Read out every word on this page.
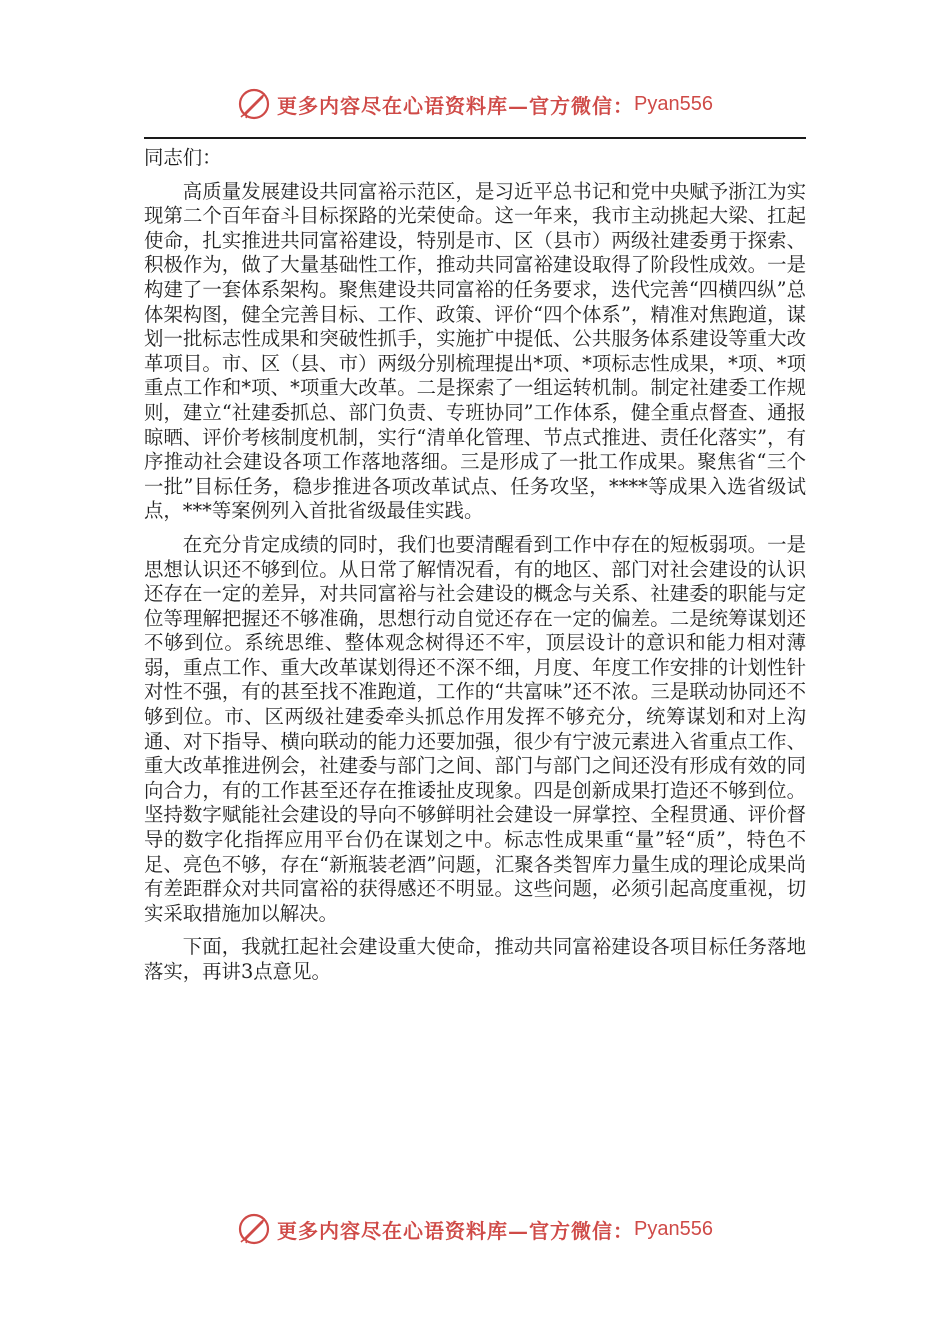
更多内容尽在心语资料库—官方微信： Pyan556

同志们：

高质量发展建设共同富裕示范区，是习近平总书记和党中央赋予浙江为实现第二个百年奋斗目标探路的光荣使命。这一年来，我市主动挑起大梁、扛起使命，扎实推进共同富裕建设，特别是市、区（县市）两级社建委勇于探索、积极作为，做了大量基础性工作，推动共同富裕建设取得了阶段性成效。一是构建了一套体系架构。聚焦建设共同富裕的任务要求，迭代完善“四横四纵”总体架构图，健全完善目标、工作、政策、评价“四个体系”，精准对焦跑道，谋划一批标志性成果和突破性抓手，实施扩中提低、公共服务体系建设等重大改革项目。市、区（县、市）两级分别梳理提出*项、*项标志性成果，*项、*项重点工作和*项、*项重大改革。二是探索了一组运转机制。制定社建委工作规则，建立“社建委抓总、部门负责、专班协同”工作体系，健全重点督查、通报晾晒、评价考核制度机制，实行“清单化管理、节点式推进、责任化落实”，有序推动社会建设各项工作落地落细。三是形成了一批工作成果。聚焦省“三个一批”目标任务，稳步推进各项改革试点、任务攻坚，****等成果入选省级试点，***等案例列入首批省级最佳实践。

在充分肯定成绩的同时，我们也要清醒看到工作中存在的短板弱项。一是思想认识还不够到位。从日常了解情况看，有的地区、部门对社会建设的认识还存在一定的差异，对共同富裕与社会建设的概念与关系、社建委的职能与定位等理解把握还不够准确，思想行动自觉还存在一定的偏差。二是统筹谋划还不够到位。系统思维、整体观念树得还不牢，顶层设计的意识和能力相对薄弱，重点工作、重大改革谋划得还不深不细，月度、年度工作安排的计划性针对性不强，有的甚至找不准跑道，工作的“共富味”还不浓。三是联动协同还不够到位。市、区两级社建委牵头抓总作用发挥不够充分，统筹谋划和对上沟通、对下指导、横向联动的能力还要加强，很少有宁波元素进入省重点工作、重大改革推进例会，社建委与部门之间、部门与部门之间还没有形成有效的同向合力，有的工作甚至还存在推诿扯皮现象。四是创新成果打造还不够到位。坚持数字赋能社会建设的导向不够鲜明社会建设一屏掌控、全程贯通、评价督导的数字化指挥应用平台仍在谋划之中。标志性成果重“量”轻“质”，特色不足、亮色不够，存在“新瓶装老酒”问题，汇聚各类智库力量生成的理论成果尚有差距群众对共同富裕的获得感还不明显。这些问题，必须引起高度重视，切实采取措施加以解决。

下面，我就扛起社会建设重大使命，推动共同富裕建设各项目标任务落地落实，再讲3点意见。

更多内容尽在心语资料库—官方微信： Pyan556
